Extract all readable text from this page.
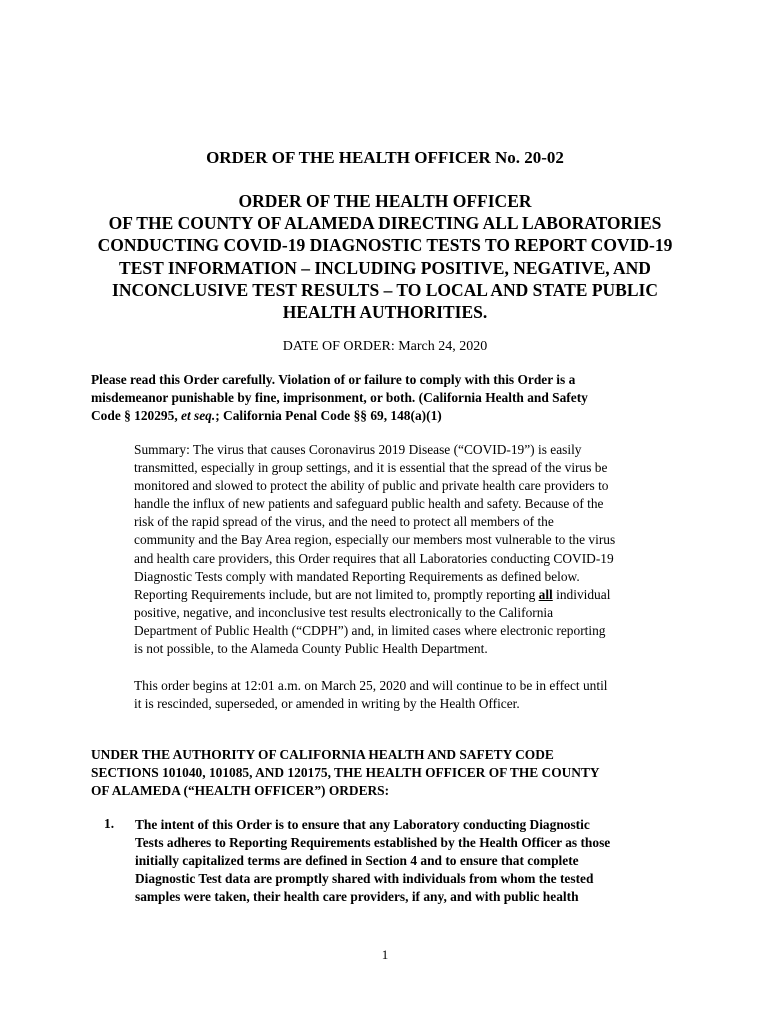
ORDER OF THE HEALTH OFFICER No. 20-02
ORDER OF THE HEALTH OFFICER
OF THE COUNTY OF ALAMEDA DIRECTING ALL LABORATORIES
CONDUCTING COVID-19 DIAGNOSTIC TESTS TO REPORT COVID-19
TEST INFORMATION – INCLUDING POSITIVE, NEGATIVE, AND
INCONCLUSIVE TEST RESULTS – TO LOCAL AND STATE PUBLIC
HEALTH AUTHORITIES.
DATE OF ORDER: March 24, 2020
Please read this Order carefully. Violation of or failure to comply with this Order is a
misdemeanor punishable by fine, imprisonment, or both. (California Health and Safety
Code § 120295, et seq.; California Penal Code §§ 69, 148(a)(1)
Summary: The virus that causes Coronavirus 2019 Disease (“COVID-19”) is easily
transmitted, especially in group settings, and it is essential that the spread of the virus be
monitored and slowed to protect the ability of public and private health care providers to
handle the influx of new patients and safeguard public health and safety. Because of the
risk of the rapid spread of the virus, and the need to protect all members of the
community and the Bay Area region, especially our members most vulnerable to the virus
and health care providers, this Order requires that all Laboratories conducting COVID-19
Diagnostic Tests comply with mandated Reporting Requirements as defined below.
Reporting Requirements include, but are not limited to, promptly reporting all individual
positive, negative, and inconclusive test results electronically to the California
Department of Public Health (“CDPH”) and, in limited cases where electronic reporting
is not possible, to the Alameda County Public Health Department.
This order begins at 12:01 a.m. on March 25, 2020 and will continue to be in effect until
it is rescinded, superseded, or amended in writing by the Health Officer.
UNDER THE AUTHORITY OF CALIFORNIA HEALTH AND SAFETY CODE
SECTIONS 101040, 101085, AND 120175, THE HEALTH OFFICER OF THE COUNTY
OF ALAMEDA (“HEALTH OFFICER”) ORDERS:
1. The intent of this Order is to ensure that any Laboratory conducting Diagnostic
Tests adheres to Reporting Requirements established by the Health Officer as those
initially capitalized terms are defined in Section 4 and to ensure that complete
Diagnostic Test data are promptly shared with individuals from whom the tested
samples were taken, their health care providers, if any, and with public health
1
